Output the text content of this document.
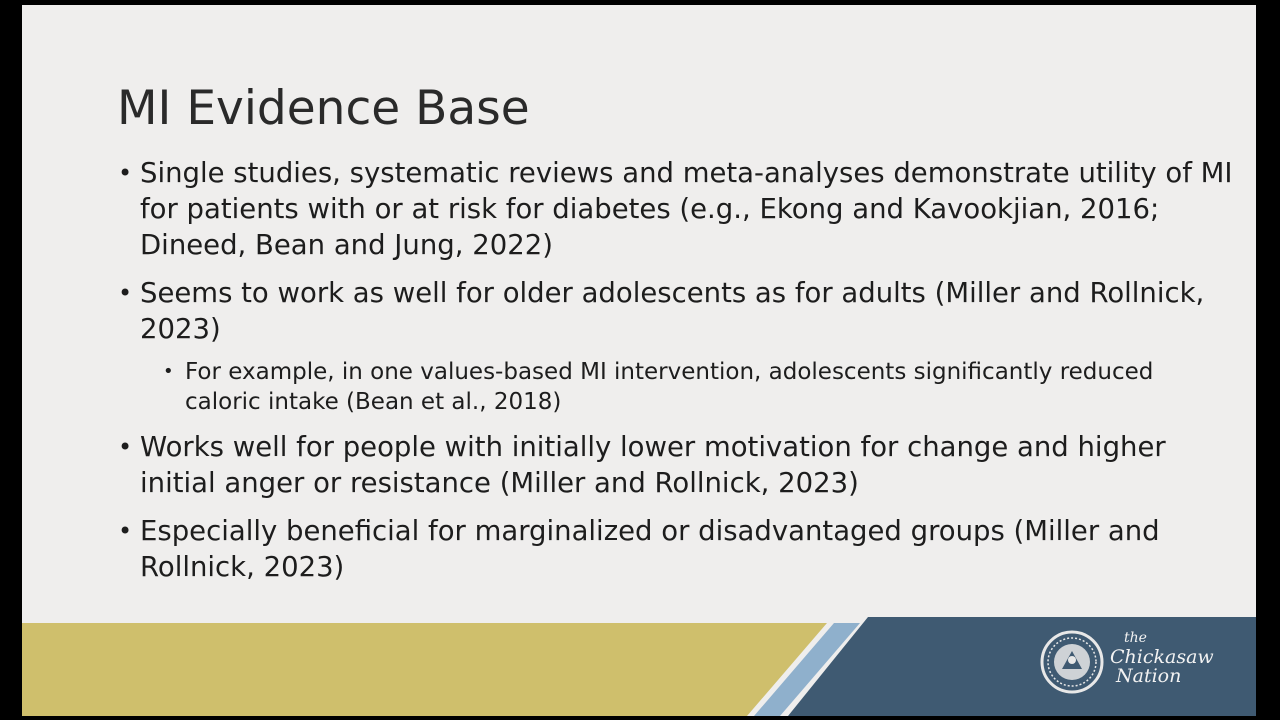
MI Evidence Base
• Single studies, systematic reviews and meta-analyses demonstrate utility of MI for patients with or at risk for diabetes (e.g., Ekong and Kavookjian, 2016; Dineed, Bean and Jung, 2022)
• Seems to work as well for older adolescents as for adults (Miller and Rollnick, 2023)
• For example, in one values-based MI intervention, adolescents significantly reduced caloric intake (Bean et al., 2018)
• Works well for people with initially lower motivation for change and higher initial anger or resistance (Miller and Rollnick, 2023)
• Especially beneficial for marginalized or disadvantaged groups (Miller and Rollnick, 2023)
the
Chickasaw
Nation
